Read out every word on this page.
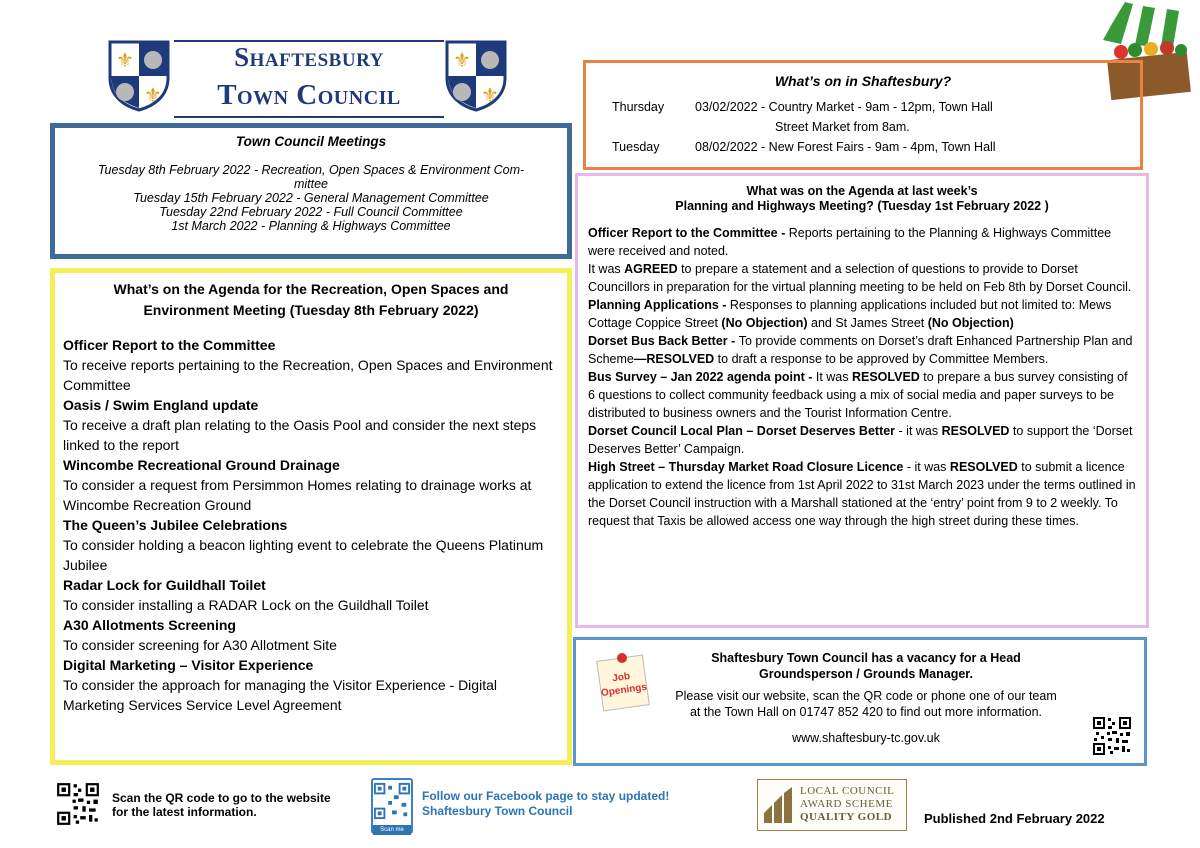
⚜
⚜
Shaftesbury
Town Council
⚜
⚜
Town Council Meetings
Tuesday 8th February 2022 - Recreation, Open Spaces & Environment Com-
mittee
Tuesday 15th February 2022 - General Management Committee
Tuesday 22nd February 2022 - Full Council Committee
1st March 2022 - Planning & Highways Committee
What’s on the Agenda for the Recreation, Open Spaces and
Environment Meeting (Tuesday 8th February 2022)
Officer Report to the Committee
To receive reports pertaining to the Recreation, Open Spaces and Environment Committee
Oasis / Swim England update
To receive a draft plan relating to the Oasis Pool and consider the next steps linked to the report
Wincombe Recreational Ground Drainage
To consider a request from Persimmon Homes relating to drainage works at Wincombe Recreation Ground
The Queen’s Jubilee Celebrations
To consider holding a beacon lighting event to celebrate the Queens Platinum Jubilee
Radar Lock for Guildhall Toilet
To consider installing a RADAR Lock on the Guildhall Toilet
A30 Allotments Screening
To consider screening for A30 Allotment Site
Digital Marketing – Visitor Experience
To consider the approach for managing the Visitor Experience - Digital Marketing Services Service Level Agreement
What’s on in Shaftesbury?
Thursday	03/02/2022 - Country Market - 9am - 12pm, Town Hall
Street Market from 8am.
Tuesday	08/02/2022 - New Forest Fairs - 9am - 4pm, Town Hall
What was on the Agenda at last week’s
Planning and Highways Meeting? (Tuesday 1st February 2022 )

Officer Report to the Committee - Reports pertaining to the Planning & Highways Committee were received and noted.

It was AGREED to prepare a statement and a selection of questions to provide to Dorset Councillors in preparation for the virtual planning meeting to be held on Feb 8th by Dorset Council.

Planning Applications - Responses to planning applications included but not limited to: Mews Cottage Coppice Street (No Objection) and St James Street (No Objection)

Dorset Bus Back Better - To provide comments on Dorset’s draft Enhanced Partnership Plan and Scheme—RESOLVED to draft a response to be approved by Committee Members.

Bus Survey – Jan 2022 agenda point - It was RESOLVED to prepare a bus survey consisting of 6 questions to collect community feedback using a mix of social media and paper surveys to be distributed to business owners and the Tourist Information Centre.

Dorset Council Local Plan – Dorset Deserves Better - it was RESOLVED to support the ‘Dorset Deserves Better’ Campaign.

High Street – Thursday Market Road Closure Licence - it was RESOLVED to submit a licence application to extend the licence from 1st April 2022 to 31st March 2023 under the terms outlined in the Dorset Council instruction with a Marshall stationed at the ‘entry’ point from 9 to 2 weekly. To request that Taxis be allowed access one way through the high street during these times.

Job
Openings
Shaftesbury Town Council has a vacancy for a Head
Groundsperson / Grounds Manager.
Please visit our website, scan the QR code or phone one of our team at the Town Hall on 01747 852 420 to find out more information.
www.shaftesbury-tc.gov.uk
Scan the QR code to go to the website
for the latest information.
Scan me
Follow our Facebook page to stay updated!
Shaftesbury Town Council
LOCAL COUNCIL
AWARD SCHEME
QUALITY GOLD Published 2nd February 2022
